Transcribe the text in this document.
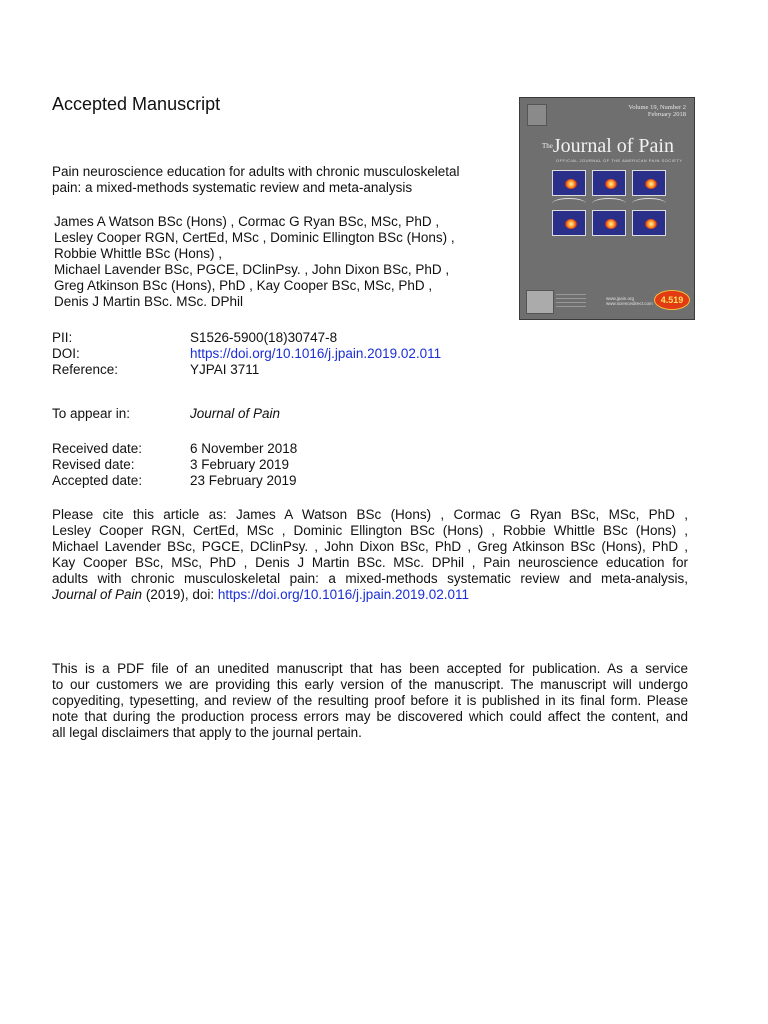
Accepted Manuscript
Pain neuroscience education for adults with chronic musculoskeletal
pain: a mixed-methods systematic review and meta-analysis
James A Watson BSc (Hons) , Cormac G Ryan BSc, MSc, PhD ,
Lesley Cooper RGN, CertEd, MSc , Dominic Ellington BSc (Hons) ,
Robbie Whittle BSc (Hons) ,
Michael Lavender BSc, PGCE, DClinPsy. , John Dixon BSc, PhD ,
Greg Atkinson BSc (Hons), PhD , Kay Cooper BSc, MSc, PhD ,
Denis J Martin BSc. MSc. DPhil
Volume 19, Number 2
February 2018
$^{The}$Journal of Pain
OFFICIAL JOURNAL OF THE AMERICAN PAIN SOCIETY
www.jpain.org
www.sciencedirect.com 4.519
PII:	S1526-5900(18)30747-8
DOI:	https://doi.org/10.1016/j.jpain.2019.02.011
Reference:	YJPAI 3711
To appear in:	Journal of Pain
Received date:	6 November 2018
Revised date:	3 February 2019
Accepted date:	23 February 2019
Please cite this article as: James A Watson BSc (Hons) , Cormac G Ryan BSc, MSc, PhD ,
Lesley Cooper RGN, CertEd, MSc , Dominic Ellington BSc (Hons) , Robbie Whittle BSc (Hons) ,
Michael Lavender BSc, PGCE, DClinPsy. , John Dixon BSc, PhD , Greg Atkinson BSc (Hons), PhD ,
Kay Cooper BSc, MSc, PhD , Denis J Martin BSc. MSc. DPhil , Pain neuroscience education for
adults with chronic musculoskeletal pain: a mixed-methods systematic review and meta-analysis,
Journal of Pain (2019), doi: https://doi.org/10.1016/j.jpain.2019.02.011
This is a PDF file of an unedited manuscript that has been accepted for publication. As a service
to our customers we are providing this early version of the manuscript. The manuscript will undergo
copyediting, typesetting, and review of the resulting proof before it is published in its final form. Please
note that during the production process errors may be discovered which could affect the content, and
all legal disclaimers that apply to the journal pertain.
